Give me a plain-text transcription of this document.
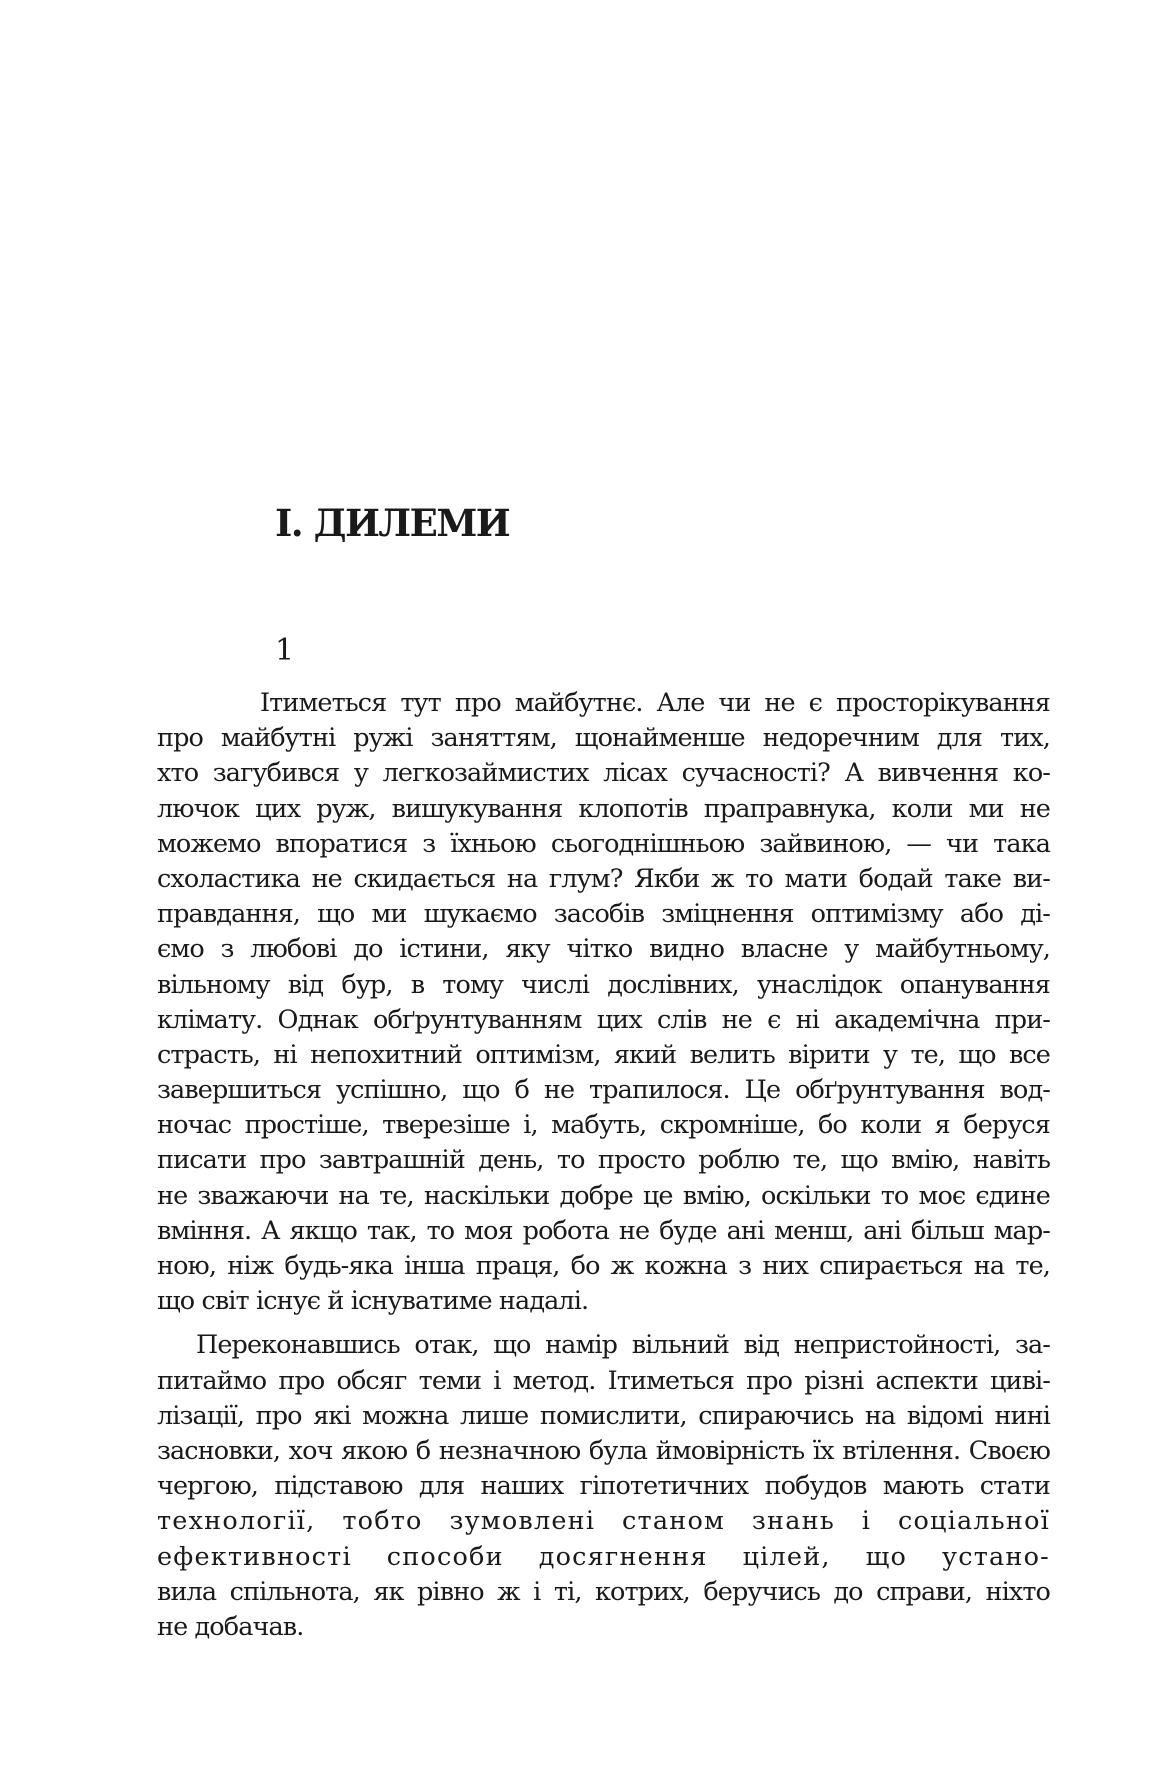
І. ДИЛЕМИ
1
Ітиметься тут про майбутнє. Але чи не є просторікування
про майбутні ружі заняттям, щонайменше недоречним для тих,
хто загубився у легкозаймистих лісах сучасності? А вивчення ко-
лючок цих руж, вишукування клопотів праправнука, коли ми не
можемо впоратися з їхньою сьогоднішньою зайвиною, — чи така
схоластика не скидається на глум? Якби ж то мати бодай таке ви-
правдання, що ми шукаємо засобів зміцнення оптимізму або ді-
ємо з любові до істини, яку чітко видно власне у майбутньому,
вільному від бур, в тому числі дослівних, унаслідок опанування
клімату. Однак обґрунтуванням цих слів не є ні академічна при-
страсть, ні непохитний оптимізм, який велить вірити у те, що все
завершиться успішно, що б не трапилося. Це обґрунтування вод-
ночас простіше, тверезіше і, мабуть, скромніше, бо коли я беруся
писати про завтрашній день, то просто роблю те, що вмію, навіть
не зважаючи на те, наскільки добре це вмію, оскільки то моє єдине
вміння. А якщо так, то моя робота не буде ані менш, ані більш мар-
ною, ніж будь-яка інша праця, бо ж кожна з них спирається на те,
що світ існує й існуватиме надалі.
Переконавшись отак, що намір вільний від непристойності, за-
питаймо про обсяг теми і метод. Ітиметься про різні аспекти циві-
лізації, про які можна лише помислити, спираючись на відомі нині
засновки, хоч якою б незначною була ймовірність їх втілення. Своєю
чергою, підставою для наших гіпотетичних побудов мають стати
технології, тобто зумовлені станом знань і соціальної
ефективності способи досягнення цілей, що устано-
вила спільнота, як рівно ж і ті, котрих, беручись до справи, ніхто
не добачав.
